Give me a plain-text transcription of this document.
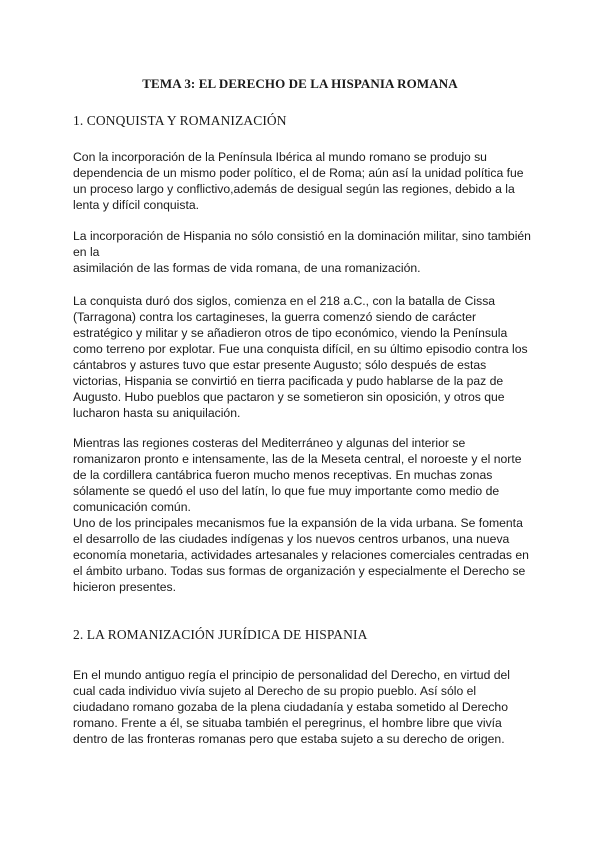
TEMA 3: EL DERECHO DE LA HISPANIA ROMANA
1. CONQUISTA Y ROMANIZACIÓN
Con la incorporación de la Península Ibérica al mundo romano se produjo su
dependencia de un mismo poder político, el de Roma; aún así la unidad política fue
un proceso largo y conflictivo,además de desigual según las regiones, debido a la
lenta y difícil conquista.
La incorporación de Hispania no sólo consistió en la dominación militar, sino también
en la
asimilación de las formas de vida romana, de una romanización.
La conquista duró dos siglos, comienza en el 218 a.C., con la batalla de Cissa
(Tarragona) contra los cartagineses, la guerra comenzó siendo de carácter
estratégico y militar y se añadieron otros de tipo económico, viendo la Península
como terreno por explotar. Fue una conquista difícil, en su último episodio contra los
cántabros y astures tuvo que estar presente Augusto; sólo después de estas
victorias, Hispania se convirtió en tierra pacificada y pudo hablarse de la paz de
Augusto. Hubo pueblos que pactaron y se sometieron sin oposición, y otros que
lucharon hasta su aniquilación.
Mientras las regiones costeras del Mediterráneo y algunas del interior se
romanizaron pronto e intensamente, las de la Meseta central, el noroeste y el norte
de la cordillera cantábrica fueron mucho menos receptivas. En muchas zonas
sólamente se quedó el uso del latín, lo que fue muy importante como medio de
comunicación común.
Uno de los principales mecanismos fue la expansión de la vida urbana. Se fomenta
el desarrollo de las ciudades indígenas y los nuevos centros urbanos, una nueva
economía monetaria, actividades artesanales y relaciones comerciales centradas en
el ámbito urbano. Todas sus formas de organización y especialmente el Derecho se
hicieron presentes.
2. LA ROMANIZACIÓN JURÍDICA DE HISPANIA
En el mundo antiguo regía el principio de personalidad del Derecho, en virtud del
cual cada individuo vivía sujeto al Derecho de su propio pueblo. Así sólo el
ciudadano romano gozaba de la plena ciudadanía y estaba sometido al Derecho
romano. Frente a él, se situaba también el peregrinus, el hombre libre que vivía
dentro de las fronteras romanas pero que estaba sujeto a su derecho de origen.
